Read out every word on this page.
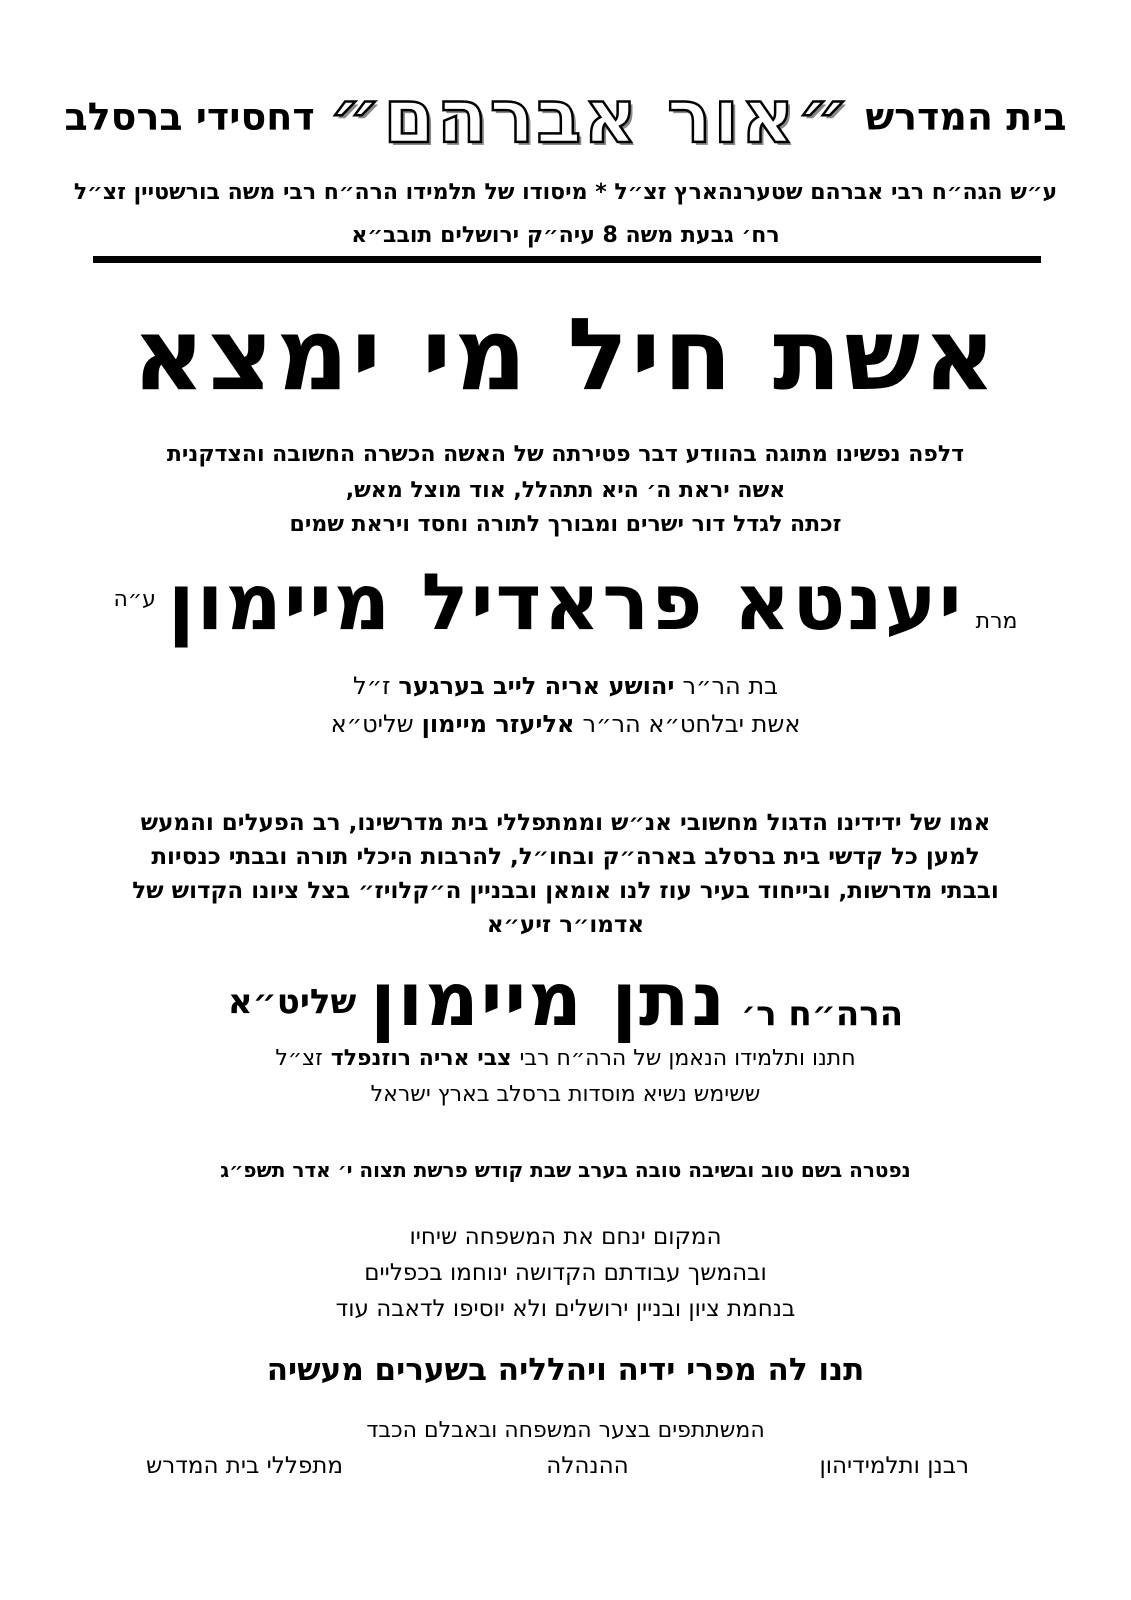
בית המדרש
״אור אברהם״
דחסידי ברסלב
ע״ש הגה״ח רבי אברהם שטערנהארץ זצ״ל * מיסודו של תלמידו הרה״ח רבי משה בורשטיין זצ״ל
רח׳ גבעת משה 8 עיה״ק ירושלים תובב״א
אשת חיל מי ימצא
דלפה נפשינו מתוגה בהוודע דבר פטירתה של האשה הכשרה החשובה והצדקנית
אשה יראת ה׳ היא תתהלל, אוד מוצל מאש,
זכתה לגדל דור ישרים ומבורך לתורה וחסד ויראת שמים
מרת
יענטא פראדיל מיימון
ע״ה
בת הר״ר
יהושע אריה לייב בערגער
ז״ל
אשת יבלחט״א הר״ר
אליעזר מיימון
שליט״א
אמו של ידידינו הדגול מחשובי אנ״ש וממתפללי בית מדרשינו, רב הפעלים והמעש
למען כל קדשי בית ברסלב בארה״ק ובחו״ל, להרבות היכלי תורה ובבתי כנסיות
ובבתי מדרשות, ובייחוד בעיר עוז לנו אומאן ובבניין ה״קלויז״ בצל ציונו הקדוש של
אדמו״ר זיע״א
הרה״ח ר׳
נתן מיימון
שליט״א
חתנו ותלמידו הנאמן של הרה״ח רבי
צבי אריה רוזנפלד
זצ״ל
ששימש נשיא מוסדות ברסלב בארץ ישראל
נפטרה בשם טוב ובשיבה טובה בערב שבת קודש פרשת תצוה י׳ אדר תשפ״ג
המקום ינחם את המשפחה שיחיו
ובהמשך עבודתם הקדושה ינוחמו בכפליים
בנחמת ציון ובניין ירושלים ולא יוסיפו לדאבה עוד
תנו לה מפרי ידיה ויהלליה בשערים מעשיה
המשתתפים בצער המשפחה ובאבלם הכבד
רבנן ותלמידיהון
ההנהלה
מתפללי בית המדרש
